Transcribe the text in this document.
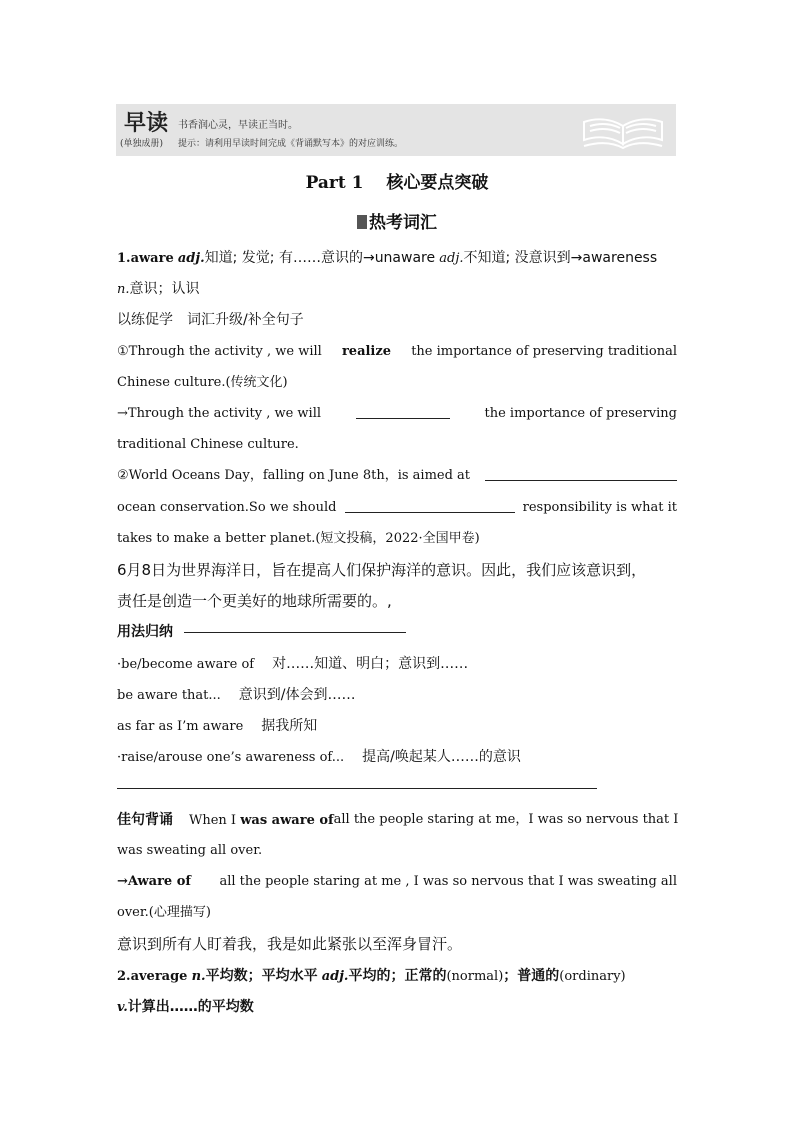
早读
(单独成册)
书香润心灵，早读正当时。
提示：请利用早读时间完成《背诵默写本》的对应训练。
Part 1　 核心要点突破
热考词汇
1.aware adj.知道; 发觉; 有……意识的→unaware adj.不知道; 没意识到→awareness
n.意识；认识
以练促学　词汇升级/补全句子
①Through the activity , we will realize the importance of preserving traditional
Chinese culture.(传统文化)
→Through the activity , we will	the importance of preserving
traditional Chinese culture.
②World Oceans Day，falling on June 8th，is aimed at
ocean conservation.So we should	responsibility is what it
takes to make a better planet.(短文投稿，2022·全国甲卷)
6月8日为世界海洋日，旨在提高人们保护海洋的意识。因此，我们应该意识到，
责任是创造一个更美好的地球所需要的。,
用法归纳
·be/become aware of 对……知道、明白；意识到……
be aware that... 意识到/体会到……
as far as I’m aware 据我所知
·raise/arouse one’s awareness of... 提高/唤起某人……的意识
佳句背诵 When I was aware of all the people staring at me，I was so nervous that I
was sweating all over.
→Aware of all the people staring at me , I was so nervous that I was sweating all
over.(心理描写)
意识到所有人盯着我，我是如此紧张以至浑身冒汗。
2.average n.平均数；平均水平 adj.平均的；正常的(normal)；普通的(ordinary)
v.计算出……的平均数
